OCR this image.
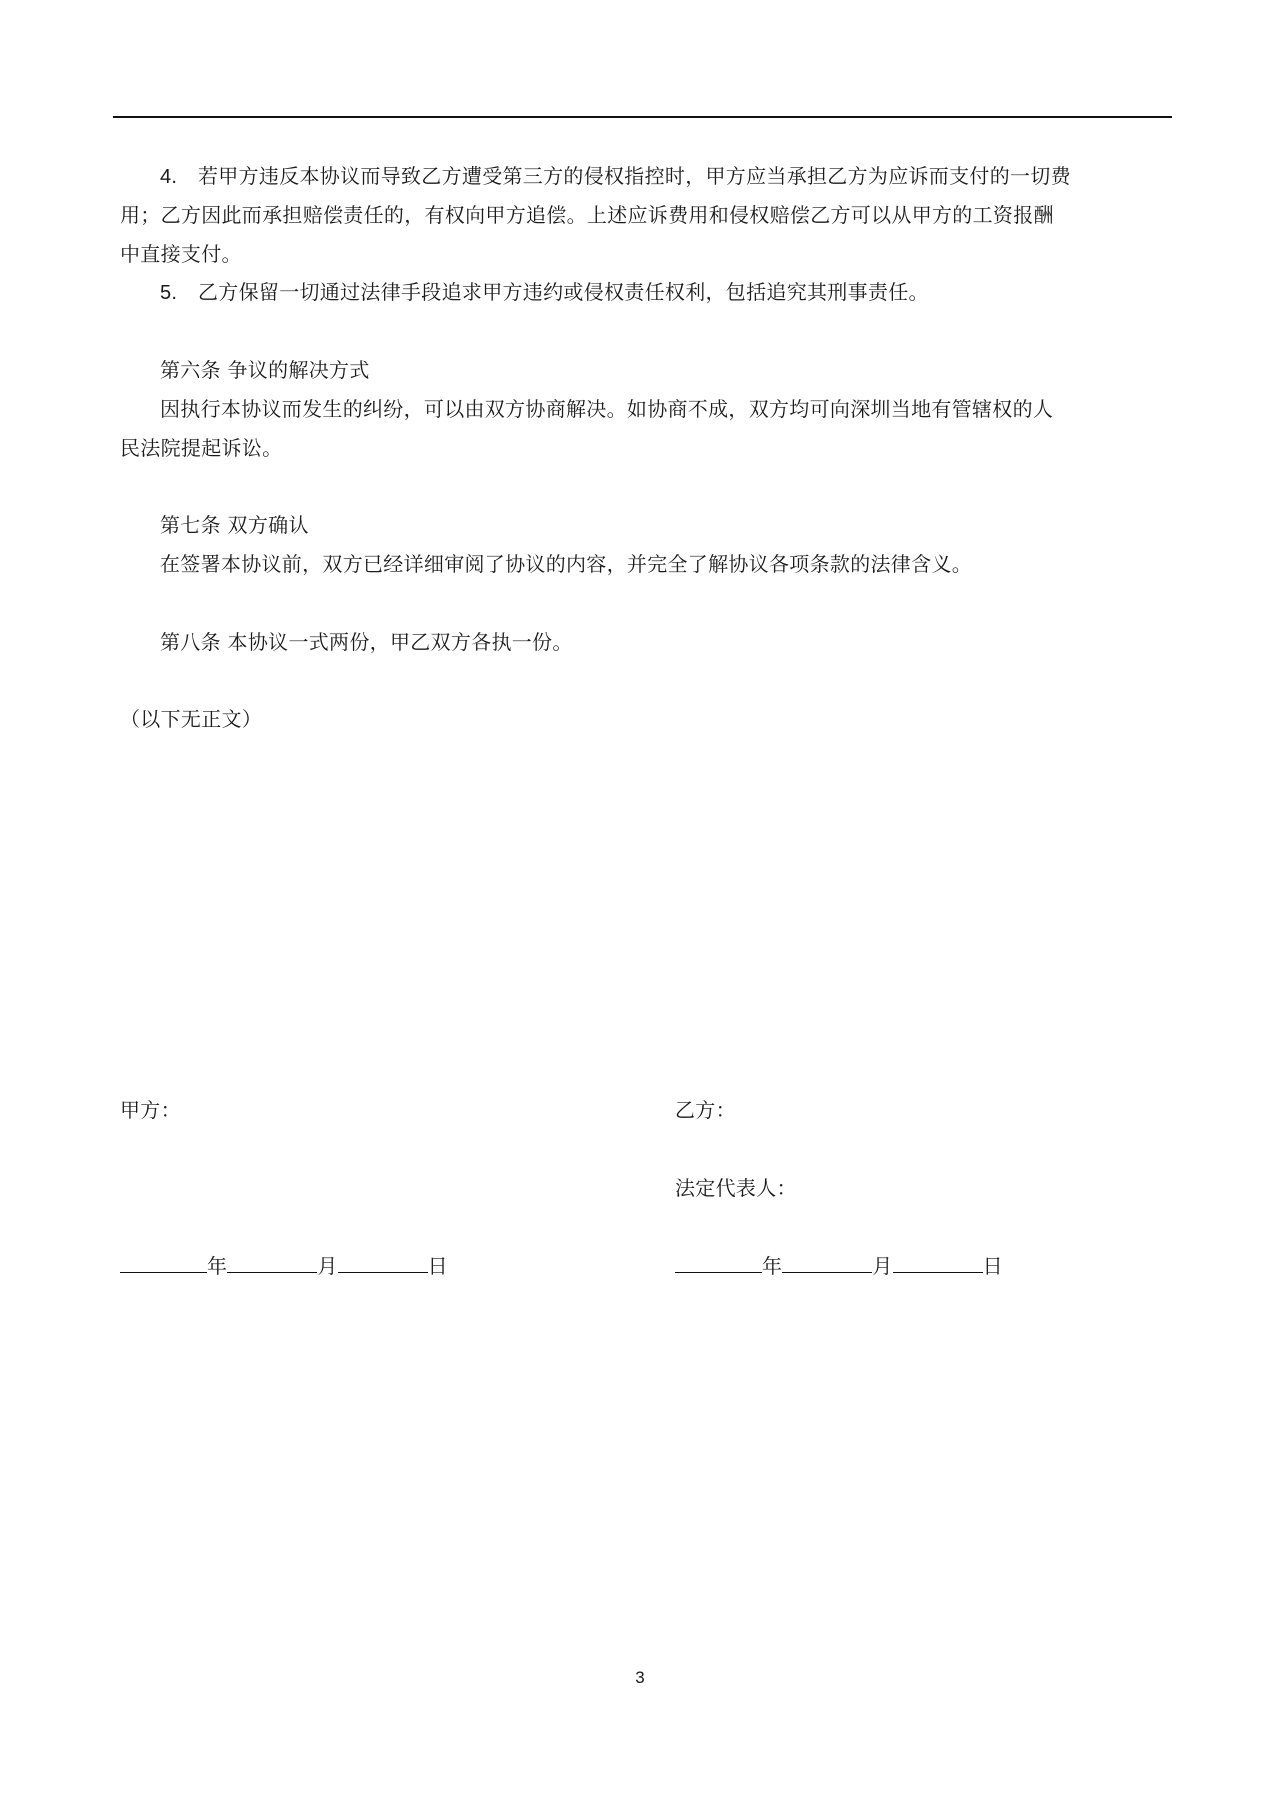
4. 若甲方违反本协议而导致乙方遭受第三方的侵权指控时，甲方应当承担乙方为应诉而支付的一切费
用；乙方因此而承担赔偿责任的，有权向甲方追偿。上述应诉费用和侵权赔偿乙方可以从甲方的工资报酬
中直接支付。
5. 乙方保留一切通过法律手段追求甲方违约或侵权责任权利，包括追究其刑事责任。
第六条 争议的解决方式
因执行本协议而发生的纠纷，可以由双方协商解决。如协商不成，双方均可向深圳当地有管辖权的人
民法院提起诉讼。
第七条 双方确认
在签署本协议前，双方已经详细审阅了协议的内容，并完全了解协议各项条款的法律含义。
第八条 本协议一式两份，甲乙双方各执一份。
（以下无正文）
甲方：	乙方：
法定代表人：
年	月	日	年	月	日
3
